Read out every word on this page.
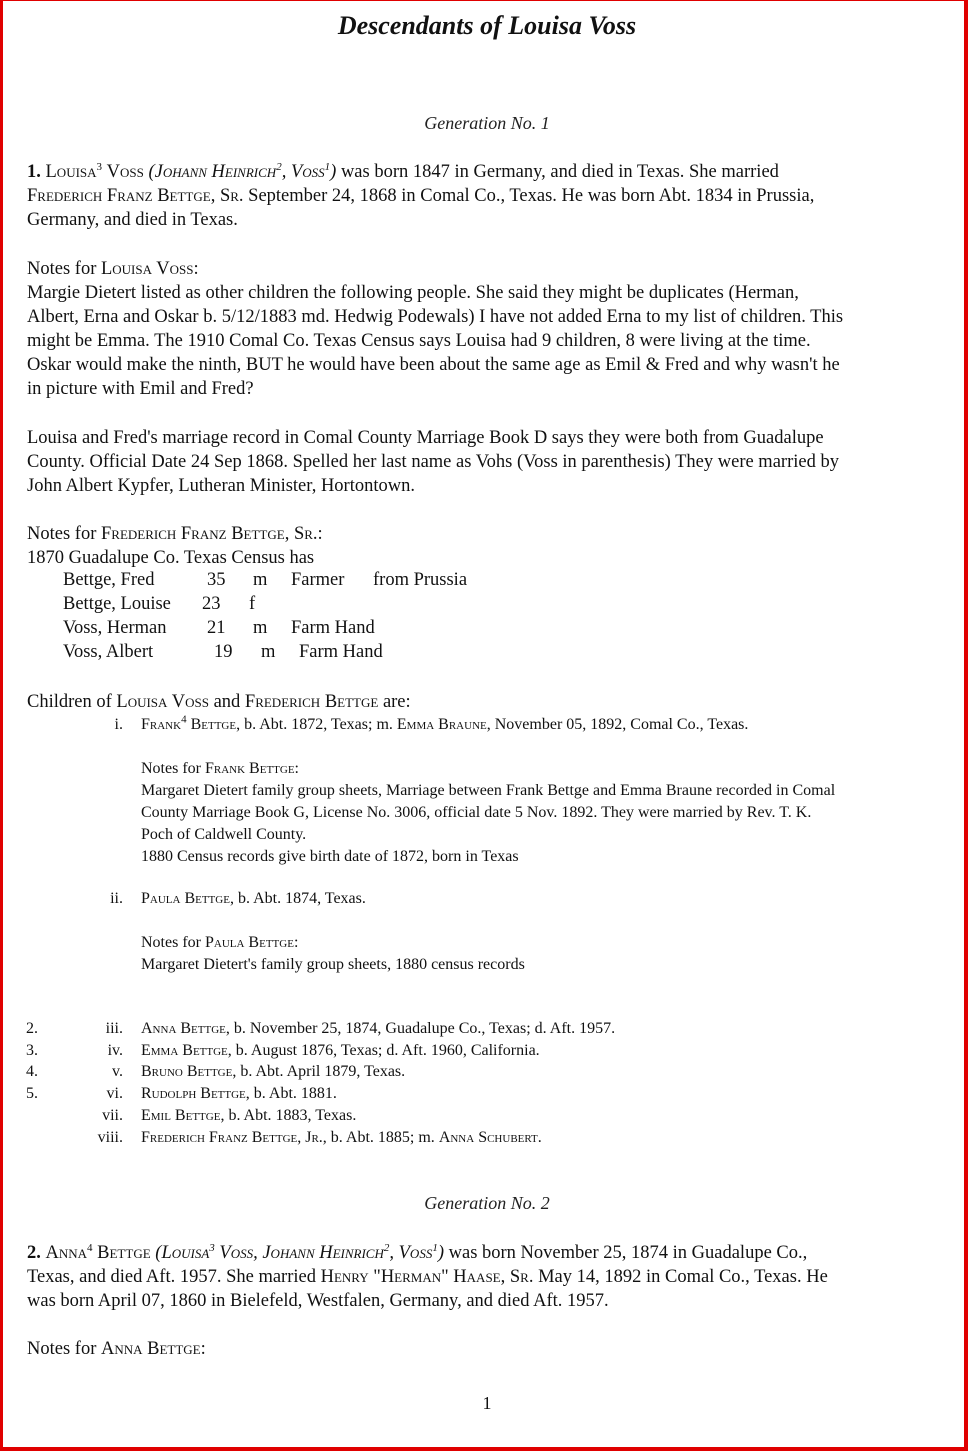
Descendants of Louisa Voss
Generation No. 1
1. Louisa$^3$ Voss (Johann Heinrich$^2$, Voss$^1$) was born 1847 in Germany, and died in Texas. She married
Frederich Franz Bettge, Sr. September 24, 1868 in Comal Co., Texas. He was born Abt. 1834 in Prussia,
Germany, and died in Texas.
Notes for Louisa Voss:
Margie Dietert listed as other children the following people. She said they might be duplicates (Herman,
Albert, Erna and Oskar b. 5/12/1883 md. Hedwig Podewals) I have not added Erna to my list of children. This
might be Emma. The 1910 Comal Co. Texas Census says Louisa had 9 children, 8 were living at the time.
Oskar would make the ninth, BUT he would have been about the same age as Emil & Fred and why wasn't he
in picture with Emil and Fred?
Louisa and Fred's marriage record in Comal County Marriage Book D says they were both from Guadalupe
County. Official Date 24 Sep 1868. Spelled her last name as Vohs (Voss in parenthesis) They were married by
John Albert Kypfer, Lutheran Minister, Hortontown.
Notes for Frederich Franz Bettge, Sr.:
1870 Guadalupe Co. Texas Census has
Bettge, Fred	35 m Farmer from Prussia
Bettge, Louise 23 f
Voss, Herman 21 m Farm Hand
Voss, Albert	19 m Farm Hand
Children of Louisa Voss and Frederich Bettge are:
i. Frank$^4$ Bettge, b. Abt. 1872, Texas; m. Emma Braune, November 05, 1892, Comal Co., Texas.
Notes for Frank Bettge:
Margaret Dietert family group sheets, Marriage between Frank Bettge and Emma Braune recorded in Comal
County Marriage Book G, License No. 3006, official date 5 Nov. 1892. They were married by Rev. T. K.
Poch of Caldwell County.
1880 Census records give birth date of 1872, born in Texas
ii. Paula Bettge, b. Abt. 1874, Texas.
Notes for Paula Bettge:
Margaret Dietert's family group sheets, 1880 census records
2.	iii. Anna Bettge, b. November 25, 1874, Guadalupe Co., Texas; d. Aft. 1957.
3.	iv. Emma Bettge, b. August 1876, Texas; d. Aft. 1960, California.
4.	v. Bruno Bettge, b. Abt. April 1879, Texas.
5.	vi. Rudolph Bettge, b. Abt. 1881.
vii. Emil Bettge, b. Abt. 1883, Texas.
viii. Frederich Franz Bettge, Jr., b. Abt. 1885; m. Anna Schubert.
Generation No. 2
2. Anna$^4$ Bettge (Louisa$^3$ Voss, Johann Heinrich$^2$, Voss$^1$) was born November 25, 1874 in Guadalupe Co.,
Texas, and died Aft. 1957. She married Henry "Herman" Haase, Sr. May 14, 1892 in Comal Co., Texas. He
was born April 07, 1860 in Bielefeld, Westfalen, Germany, and died Aft. 1957.
Notes for Anna Bettge:
1
